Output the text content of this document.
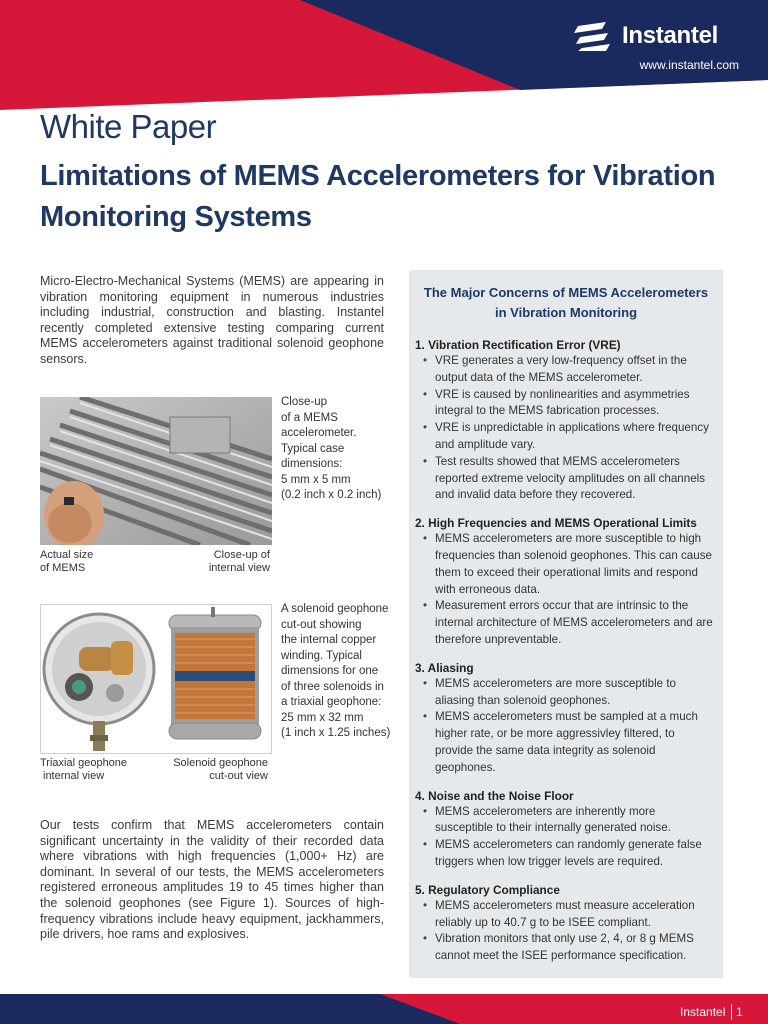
Instantel
www.instantel.com
White Paper
Limitations of MEMS Accelerometers for Vibration Monitoring Systems

Micro-Electro-Mechanical Systems (MEMS) are appearing in vibration monitoring equipment in numerous industries including industrial, construction and blasting. Instantel recently completed extensive testing comparing current MEMS accelerometers against traditional solenoid geophone sensors.

Close-up
of a MEMS
accelerometer.
Typical case
dimensions:
5 mm x 5 mm
(0.2 inch x 0.2 inch)
Actual size
of MEMS
Close-up of
internal view
A solenoid geophone
cut-out showing
the internal copper
winding. Typical
dimensions for one
of three solenoids in
a triaxial geophone:
25 mm x 32 mm
(1 inch x 1.25 inches)
Triaxial geophone
internal view
Solenoid geophone
cut-out view

Our tests confirm that MEMS accelerometers contain significant uncertainty in the validity of their recorded data where vibrations with high frequencies (1,000+ Hz) are dominant. In several of our tests, the MEMS accelerometers registered erroneous amplitudes 19 to 45 times higher than the solenoid geophones (see Figure 1). Sources of high-frequency vibrations include heavy equipment, jackhammers, pile drivers, hoe rams and explosives.

The Major Concerns of MEMS Accelerometers
in Vibration Monitoring

1. Vibration Rectification Error (VRE)

• VRE generates a very low-frequency offset in the output data of the MEMS accelerometer.
• VRE is caused by nonlinearities and asymmetries integral to the MEMS fabrication processes.
• VRE is unpredictable in applications where frequency and amplitude vary.
• Test results showed that MEMS accelerometers reported extreme velocity amplitudes on all channels and invalid data before they recovered.

2. High Frequencies and MEMS Operational Limits

• MEMS accelerometers are more susceptible to high frequencies than solenoid geophones. This can cause them to exceed their operational limits and respond with erroneous data.
• Measurement errors occur that are intrinsic to the internal architecture of MEMS accelerometers and are therefore unpreventable.

3. Aliasing

• MEMS accelerometers are more susceptible to aliasing than solenoid geophones.
• MEMS accelerometers must be sampled at a much higher rate, or be more aggressivley filtered, to provide the same data integrity as solenoid geophones.

4. Noise and the Noise Floor

• MEMS accelerometers are inherently more susceptible to their internally generated noise.
• MEMS accelerometers can randomly generate false triggers when low trigger levels are required.

5. Regulatory Compliance

• MEMS accelerometers must measure acceleration reliably up to 40.7 g to be ISEE compliant.
• Vibration monitors that only use 2, 4, or 8 g MEMS cannot meet the ISEE performance specification.
Instantel 1
